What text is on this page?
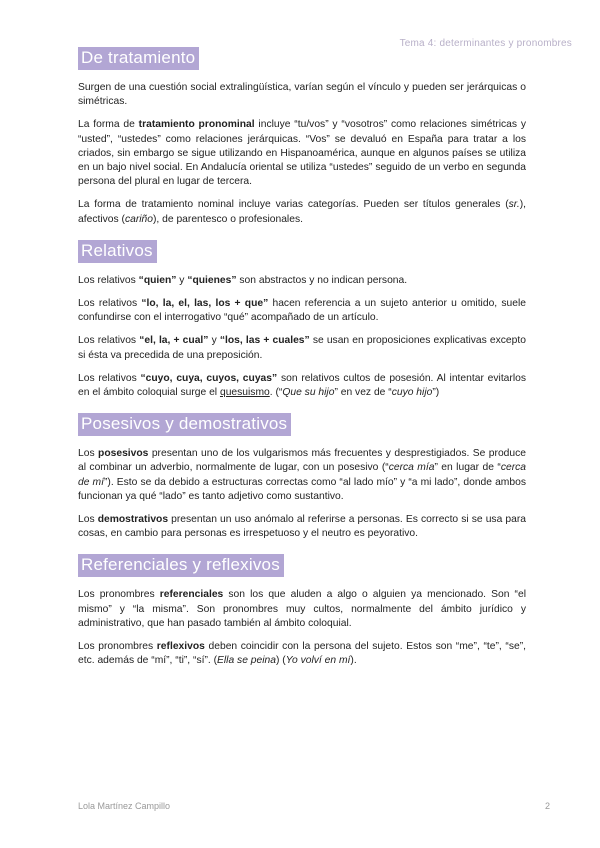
Tema 4: determinantes y pronombres
De tratamiento

Surgen de una cuestión social extralingüística, varían según el vínculo y pueden ser jerárquicas o simétricas.

La forma de tratamiento pronominal incluye “tu/vos” y “vosotros” como relaciones simétricas y “usted”, “ustedes” como relaciones jerárquicas. “Vos” se devaluó en España para tratar a los criados, sin embargo se sigue utilizando en Hispanoamérica, aunque en algunos países se utiliza en un bajo nivel social. En Andalucía oriental se utiliza “ustedes” seguido de un verbo en segunda persona del plural en lugar de tercera.

La forma de tratamiento nominal incluye varias categorías. Pueden ser títulos generales (sr.), afectivos (cariño), de parentesco o profesionales.

Relativos

Los relativos “quien” y “quienes” son abstractos y no indican persona.

Los relativos “lo, la, el, las, los + que” hacen referencia a un sujeto anterior u omitido, suele confundirse con el interrogativo “qué” acompañado de un artículo.

Los relativos “el, la, + cual” y “los, las + cuales” se usan en proposiciones explicativas excepto si ésta va precedida de una preposición.

Los relativos “cuyo, cuya, cuyos, cuyas” son relativos cultos de posesión. Al intentar evitarlos en el ámbito coloquial surge el quesuismo. (“Que su hijo” en vez de “cuyo hijo”)

Posesivos y demostrativos

Los posesivos presentan uno de los vulgarismos más frecuentes y desprestigiados. Se produce al combinar un adverbio, normalmente de lugar, con un posesivo (“cerca mía” en lugar de “cerca de mí”). Esto se da debido a estructuras correctas como “al lado mío” y “a mi lado”, donde ambos funcionan ya qué “lado” es tanto adjetivo como sustantivo.

Los demostrativos presentan un uso anómalo al referirse a personas. Es correcto si se usa para cosas, en cambio para personas es irrespetuoso y el neutro es peyorativo.

Referenciales y reflexivos

Los pronombres referenciales son los que aluden a algo o alguien ya mencionado. Son “el mismo” y “la misma”. Son pronombres muy cultos, normalmente del ámbito jurídico y administrativo, que han pasado también al ámbito coloquial.

Los pronombres reflexivos deben coincidir con la persona del sujeto. Estos son “me”, “te”, “se”, etc. además de “mí”, “ti”, “sí”. (Ella se peina) (Yo volví en mí).

Lola Martínez Campillo	2
